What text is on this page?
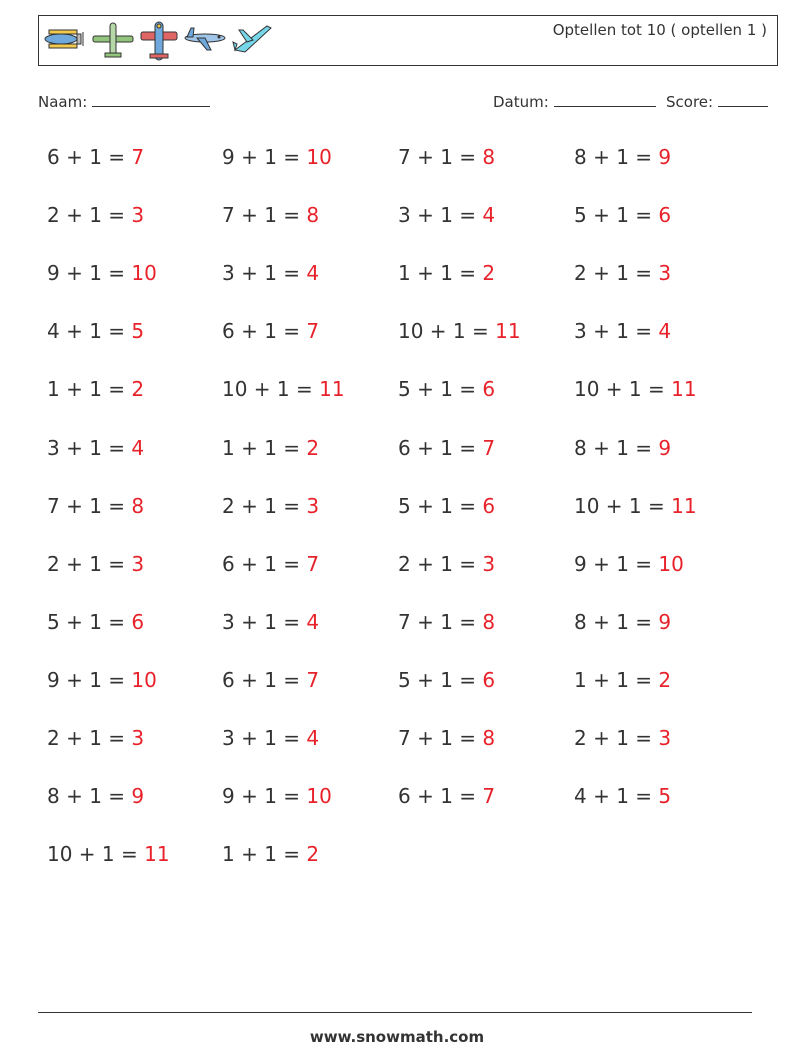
Optellen tot 10 ( optellen 1 )
Naam:	Datum:	Score:
6 + 1 = 7	9 + 1 = 10	7 + 1 = 8	8 + 1 = 9
2 + 1 = 3	7 + 1 = 8	3 + 1 = 4	5 + 1 = 6
9 + 1 = 10	3 + 1 = 4	1 + 1 = 2	2 + 1 = 3
4 + 1 = 5	6 + 1 = 7	10 + 1 = 11	3 + 1 = 4
1 + 1 = 2	10 + 1 = 11	5 + 1 = 6	10 + 1 = 11
3 + 1 = 4	1 + 1 = 2	6 + 1 = 7	8 + 1 = 9
7 + 1 = 8	2 + 1 = 3	5 + 1 = 6	10 + 1 = 11
2 + 1 = 3	6 + 1 = 7	2 + 1 = 3	9 + 1 = 10
5 + 1 = 6	3 + 1 = 4	7 + 1 = 8	8 + 1 = 9
9 + 1 = 10	6 + 1 = 7	5 + 1 = 6	1 + 1 = 2
2 + 1 = 3	3 + 1 = 4	7 + 1 = 8	2 + 1 = 3
8 + 1 = 9	9 + 1 = 10	6 + 1 = 7	4 + 1 = 5
10 + 1 = 11	1 + 1 = 2
www.snowmath.com
